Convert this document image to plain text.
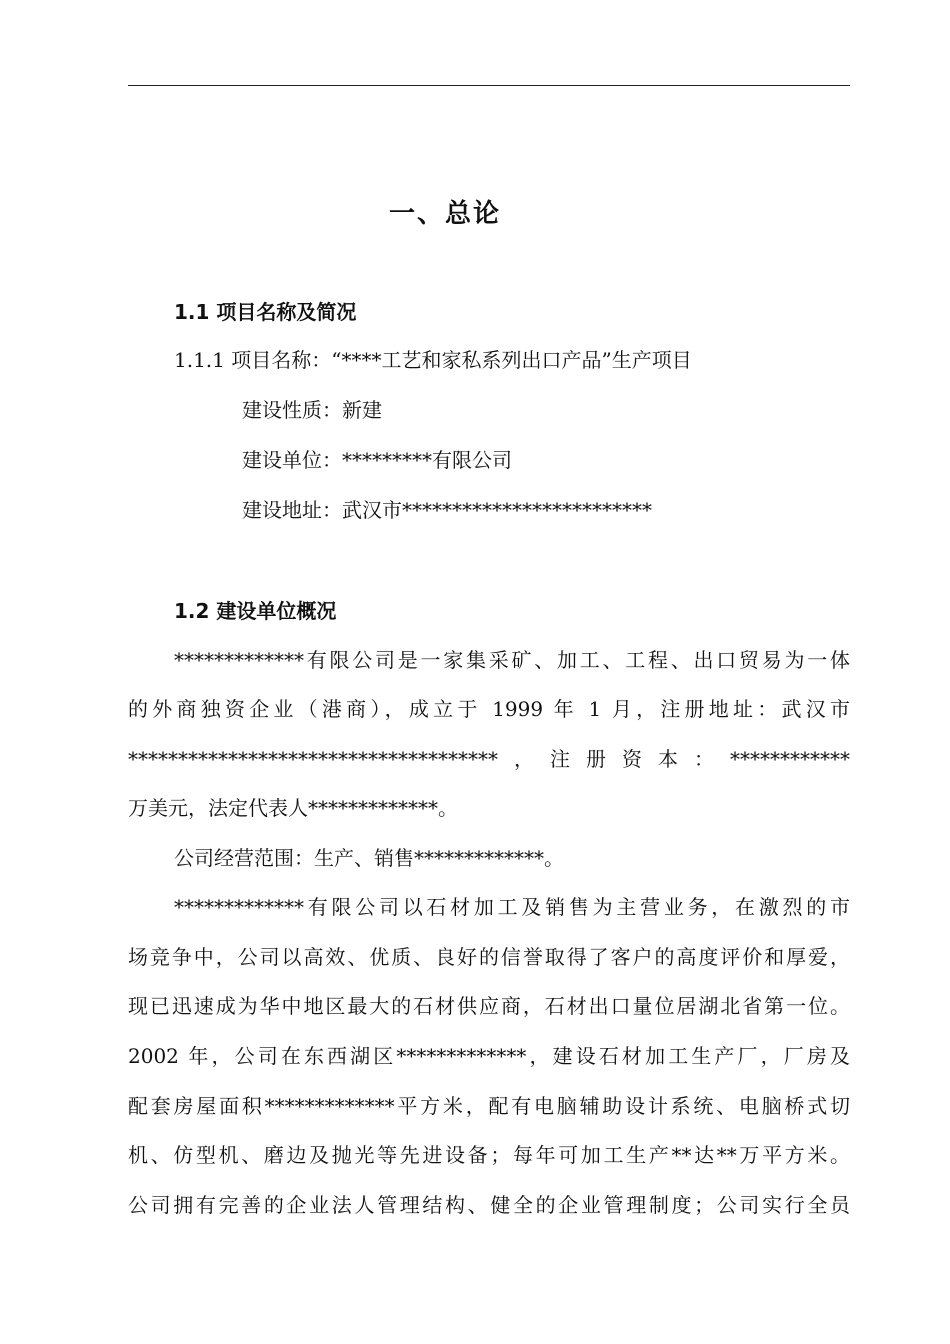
一、总论
1.1 项目名称及简况
1.1.1 项目名称：“****工艺和家私系列出口产品”生产项目
建设性质：新建
建设单位：*********有限公司
建设地址：武汉市*************************
1.2 建设单位概况
*************有限公司是一家集采矿、加工、工程、出口贸易为一体
的外商独资企业（港商），成立于 1999 年 1 月，注册地址：武汉市
*************************************，注册资本：************
万美元，法定代表人*************。
公司经营范围：生产、销售*************。
*************有限公司以石材加工及销售为主营业务，在激烈的市
场竞争中，公司以高效、优质、良好的信誉取得了客户的高度评价和厚爱，
现已迅速成为华中地区最大的石材供应商，石材出口量位居湖北省第一位。
2002 年，公司在东西湖区*************，建设石材加工生产厂，厂房及
配套房屋面积*************平方米，配有电脑辅助设计系统、电脑桥式切
机、仿型机、磨边及抛光等先进设备；每年可加工生产**达**万平方米。
公司拥有完善的企业法人管理结构、健全的企业管理制度；公司实行全员
